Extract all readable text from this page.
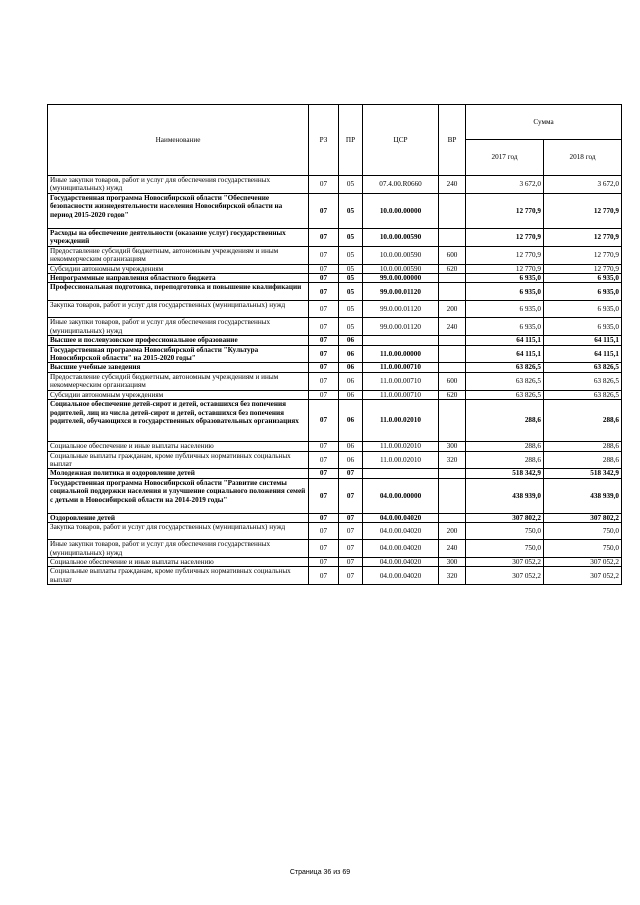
Наименование	РЗ	ПР	ЦСР	ВР	Сумма	
					2017 год	2018 год
Иные закупки товаров, работ и услуг для обеспечения государственных (муниципальных) нужд	07	05	07.4.00.R0660	240	3 672,0	3 672,0
Государственная программа Новосибирской области "Обеспечение безопасности жизнедеятельности населения Новосибирской области на период 2015-2020 годов"	07	05	10.0.00.00000		12 770,9	12 770,9
Расходы на обеспечение деятельности (оказание услуг) государственных учреждений	07	05	10.0.00.00590		12 770,9	12 770,9
Предоставление субсидий бюджетным, автономным учреждениям и иным некоммерческим организациям	07	05	10.0.00.00590	600	12 770,9	12 770,9
Субсидии автономным учреждениям	07	05	10.0.00.00590	620	12 770,9	12 770,9
Непрограммные направления областного бюджета	07	05	99.0.00.00000		6 935,0	6 935,0
Профессиональная подготовка, переподготовка и повышение квалификации	07	05	99.0.00.01120		6 935,0	6 935,0
Закупка товаров, работ и услуг для государственных (муниципальных) нужд	07	05	99.0.00.01120	200	6 935,0	6 935,0
Иные закупки товаров, работ и услуг для обеспечения государственных (муниципальных) нужд	07	05	99.0.00.01120	240	6 935,0	6 935,0
Высшее и послевузовское профессиональное образование	07	06			64 115,1	64 115,1
Государственная программа Новосибирской области "Культура Новосибирской области" на 2015-2020 годы"	07	06	11.0.00.00000		64 115,1	64 115,1
Высшие учебные заведения	07	06	11.0.00.00710		63 826,5	63 826,5
Предоставление субсидий бюджетным, автономным учреждениям и иным некоммерческим организациям	07	06	11.0.00.00710	600	63 826,5	63 826,5
Субсидии автономным учреждениям	07	06	11.0.00.00710	620	63 826,5	63 826,5
Социальное обеспечение детей-сирот и детей, оставшихся без попечения родителей, лиц из числа детей-сирот и детей, оставшихся без попечения родителей, обучающихся в государственных образовательных организациях	07	06	11.0.00.02010		288,6	288,6
Социальное обеспечение и иные выплаты населению	07	06	11.0.00.02010	300	288,6	288,6
Социальные выплаты гражданам, кроме публичных нормативных социальных выплат	07	06	11.0.00.02010	320	288,6	288,6
Молодежная политика и оздоровление детей	07	07			518 342,9	518 342,9
Государственная программа Новосибирской области "Развитие системы социальной поддержки населения и улучшение социального положения семей с детьми в Новосибирской области на 2014-2019 годы"	07	07	04.0.00.00000		438 939,0	438 939,0
Оздоровление детей	07	07	04.0.00.04020		307 802,2	307 802,2
Закупка товаров, работ и услуг для государственных (муниципальных) нужд	07	07	04.0.00.04020	200	750,0	750,0
Иные закупки товаров, работ и услуг для обеспечения государственных (муниципальных) нужд	07	07	04.0.00.04020	240	750,0	750,0
Социальное обеспечение и иные выплаты населению	07	07	04.0.00.04020	300	307 052,2	307 052,2
Социальные выплаты гражданам, кроме публичных нормативных социальных выплат	07	07	04.0.00.04020	320	307 052,2	307 052,2
Страница 36 из 69
